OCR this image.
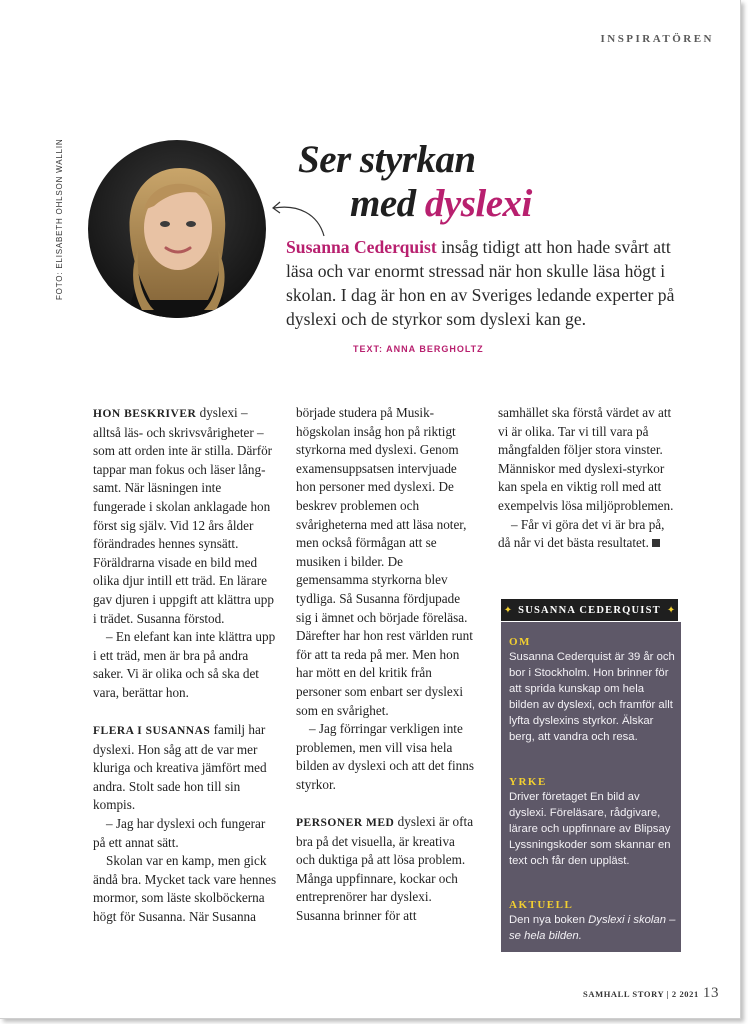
INSPIRATÖREN
FOTO: ELISABETH OHLSON WALLIN	Ser styrkan
med dyslexi
Susanna Cederquist insåg tidigt att hon hade svårt att läsa och var enormt stressad när hon skulle läsa högt i skolan. I dag är hon en av Sveriges ledande experter på dyslexi och de styrkor som dyslexi kan ge.
TEXT: ANNA BERGHOLTZ

HON BESKRIVER dyslexi – alltså läs- och skrivsvårigheter – som att orden inte är stilla. Därför tappar man fokus och läser långsamt. När läsningen inte fungerade i skolan anklagade hon först sig själv. Vid 12 års ålder förändrades hennes synsätt. Föräldrarna visade en bild med olika djur intill ett träd. En lärare gav djuren i uppgift att klättra upp i trädet. Susanna förstod.

– En elefant kan inte klättra upp i ett träd, men är bra på andra saker. Vi är olika och så ska det vara, berättar hon.

FLERA I SUSANNAS familj har dyslexi. Hon såg att de var mer kluriga och kreativa jämfört med andra. Stolt sade hon till sin kompis.

– Jag har dyslexi och fungerar på ett annat sätt.

Skolan var en kamp, men gick ändå bra. Mycket tack vare hennes mormor, som läste skolböckerna högt för Susanna. När Susanna

började studera på Musikhögskolan insåg hon på riktigt styrkorna med dyslexi. Genom examensuppsatsen intervjuade hon personer med dyslexi. De beskrev problemen och svårigheterna med att läsa noter, men också förmågan att se musiken i bilder. De gemensamma styrkorna blev tydliga. Så Susanna fördjupade sig i ämnet och började föreläsa. Därefter har hon rest världen runt för att ta reda på mer. Men hon har mött en del kritik från personer som enbart ser dyslexi som en svårighet.

– Jag förringar verkligen inte problemen, men vill visa hela bilden av dyslexi och att det finns styrkor.

PERSONER MED dyslexi är ofta bra på det visuella, är kreativa och duktiga på att lösa problem. Många uppfinnare, kockar och entreprenörer har dyslexi. Susanna brinner för att

samhället ska förstå värdet av att vi är olika. Tar vi till vara på mångfalden följer stora vinster. Människor med dyslexi-styrkor kan spela en viktig roll med att exempelvis lösa miljöproblemen.

– Får vi göra det vi är bra på, då når vi det bästa resultatet.+

✦ SUSANNA CEDERQUIST ✦
OM
Susanna Cederquist är 39 år och bor i Stockholm. Hon brinner för att sprida kunskap om hela bilden av dyslexi, och framför allt lyfta dyslexins styrkor. Älskar berg, att vandra och resa.
YRKE
Driver företaget En bild av dyslexi. Föreläsare, rådgivare, lärare och uppfinnare av Blipsay Lyssningskoder som skannar en text och får den uppläst.
AKTUELL
Den nya boken Dyslexi i skolan – se hela bilden.
SAMHALL STORY | 2 2021 13
